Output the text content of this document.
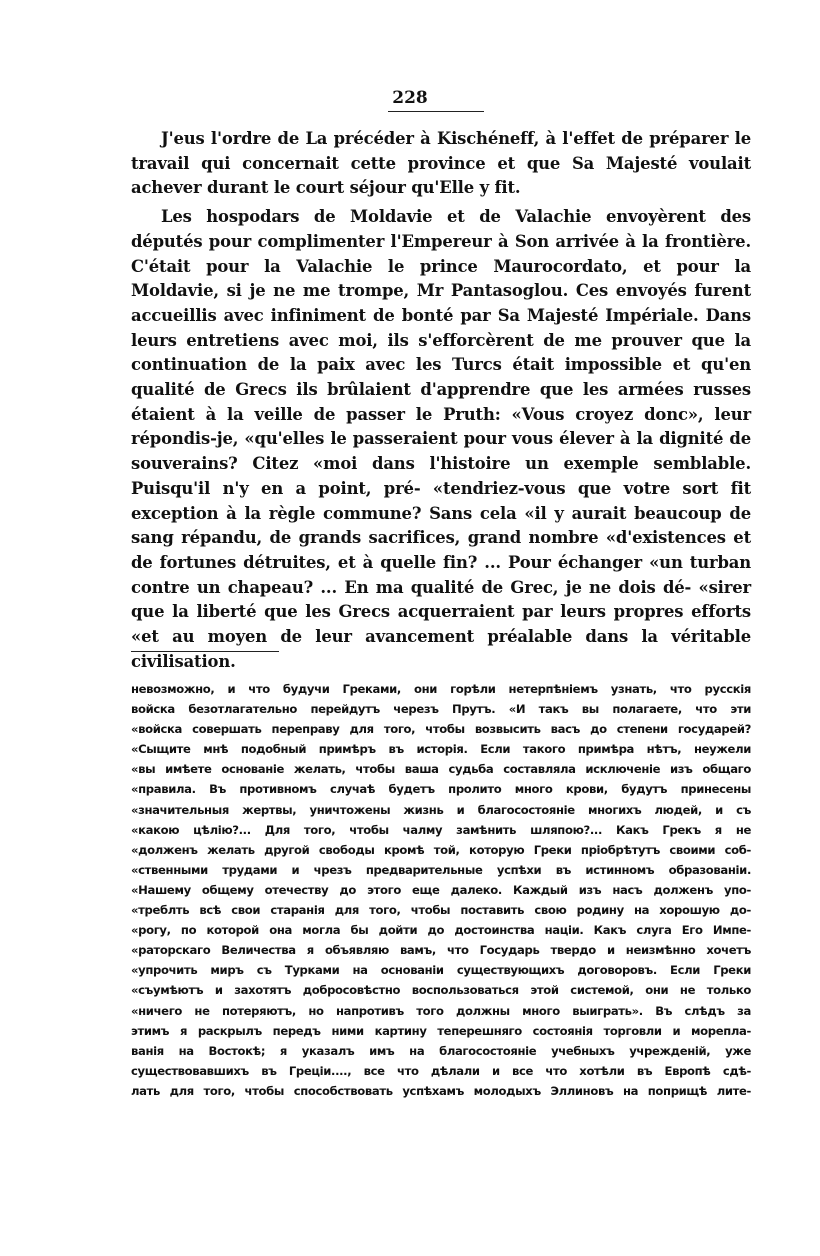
228

J'eus l'ordre de La précéder à Kischéneff, à l'effet de préparer le travail qui concernait cette province et que Sa Majesté voulait achever durant le court séjour qu'Elle y fit.

Les hospodars de Moldavie et de Valachie envoyèrent des députés pour complimenter l'Empereur à Son arrivée à la frontière. C'était pour la Valachie le prince Maurocordato, et pour la Moldavie, si je ne me trompe, Mr Pantasoglou. Ces envoyés furent accueillis avec infiniment de bonté par Sa Majesté Impériale. Dans leurs entretiens avec moi, ils s'efforcèrent de me prouver que la continuation de la paix avec les Turcs était impossible et qu'en qualité de Grecs ils brûlaient d'apprendre que les armées russes étaient à la veille de passer le Pruth: «Vous croyez donc», leur répondis-je, «qu'elles le passeraient pour vous élever à la dignité de souverains? Citez «moi dans l'histoire un exemple semblable. Puisqu'il n'y en a point, pré- «tendriez-vous que votre sort fit exception à la règle commune? Sans cela «il y aurait beaucoup de sang répandu, de grands sacrifices, grand nombre «d'existences et de fortunes détruites, et à quelle fin? ... Pour échanger «un turban contre un chapeau? ... En ma qualité de Grec, je ne dois dé- «sirer que la liberté que les Grecs acquerraient par leurs propres efforts «et au moyen de leur avancement préalable dans la véritable civilisation.

невозможно, и что будучи Греками, они горѣли нетерпѣніемъ узнать, что русскія
войска безотлагательно перейдутъ черезъ Прутъ. «И такъ вы полагаете, что эти
«войска совершать переправу для того, чтобы возвысить васъ до степени государей?
«Сыщите мнѣ подобный примѣръ въ исторія. Если такого примѣра нѣтъ, неужели
«вы имѣете основаніе желать, чтобы ваша судьба составляла исключеніе изъ общаго
«правила. Въ противномъ случаѣ будетъ пролито много крови, будутъ принесены
«значительныя жертвы, уничтожены жизнь и благосостояніе многихъ людей, и съ
«какою цѣлію?... Для того, чтобы чалму замѣнить шляпою?... Какъ Грекъ я не
«долженъ желать другой свободы кромѣ той, которую Греки пріобрѣтутъ своими соб-
«ственными трудами и чрезъ предварительные успѣхи въ истинномъ образованіи.
«Нашему общему отечеству до этого еще далеко. Каждый изъ насъ долженъ упо-
«треблть всѣ свои старанія для того, чтобы поставить свою родину на хорошую до-
«рогу, по которой она могла бы дойти до достоинства націи. Какъ слуга Его Импе-
«раторскаго Величества я объявляю вамъ, что Государь твердо и неизмѣнно хочетъ
«упрочить миръ съ Турками на основаніи существующихъ договоровъ. Если Греки
«съумѣютъ и захотятъ добросовѣстно воспользоваться этой системой, они не только
«ничего не потеряютъ, но напротивъ того должны много выиграть». Въ слѣдъ за
этимъ я раскрылъ передъ ними картину теперешняго состоянія торговли и морепла-
ванія на Востокѣ; я указалъ имъ на благосостояніе учебныхъ учрежденій, уже
существовавшихъ въ Греціи...., все что дѣлали и все что хотѣли въ Европѣ сдѣ-
лать для того, чтобы способствовать успѣхамъ молодыхъ Эллиновъ на поприщѣ лите-
